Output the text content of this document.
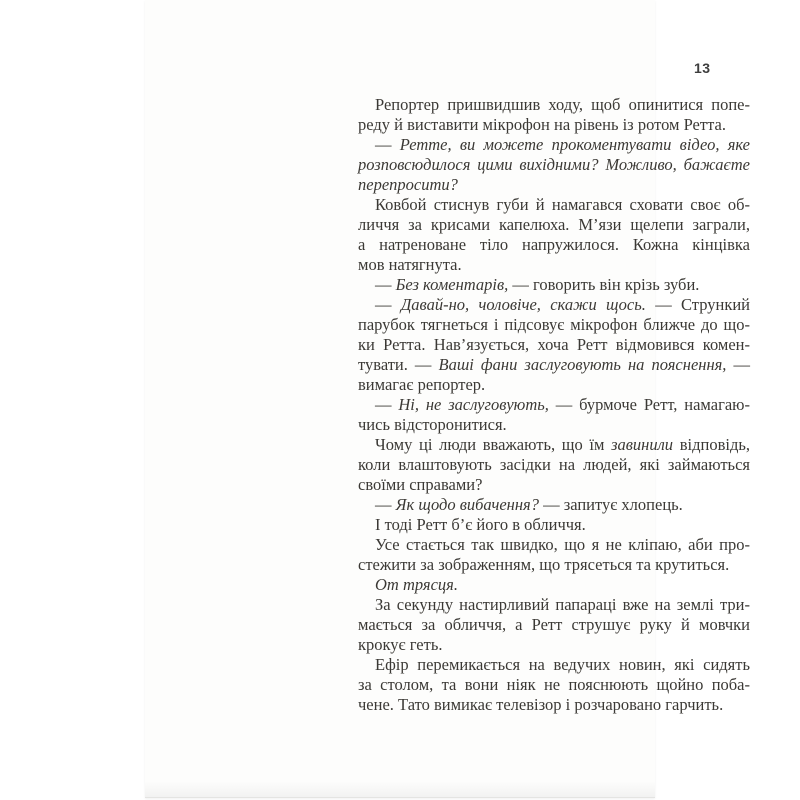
13
Репортер пришвидшив ходу, щоб опинитися попе-
реду й виставити мікрофон на рівень із ротом Ретта.
— Ретте, ви можете прокоментувати відео, яке
розповсюдилося цими вихідними? Можливо, бажаєте
перепросити?
Ковбой стиснув губи й намагався сховати своє об-
личчя за крисами капелюха. М’язи щелепи заграли,
а натреноване тіло напружилося. Кожна кінцівка
мов натягнута.
— Без коментарів, — говорить він крізь зуби.
— Давай-но, чоловіче, скажи щось. — Стрункий
парубок тягнеться і підсовує мікрофон ближче до що-
ки Ретта. Нав’язується, хоча Ретт відмовився комен-
тувати. — Ваші фани заслуговують на пояснення, —
вимагає репортер.
— Ні, не заслуговують, — бурмоче Ретт, намагаю-
чись відсторонитися.
Чому ці люди вважають, що їм завинили відповідь,
коли влаштовують засідки на людей, які займаються
своїми справами?
— Як щодо вибачення? — запитує хлопець.
І тоді Ретт б’є його в обличчя.
Усе стається так швидко, що я не кліпаю, аби про-
стежити за зображенням, що трясеться та крутиться.
От трясця.
За секунду настирливий папараці вже на землі три-
мається за обличчя, а Ретт струшує руку й мовчки
крокує геть.
Ефір перемикається на ведучих новин, які сидять
за столом, та вони ніяк не пояснюють щойно поба-
чене. Тато вимикає телевізор і розчаровано гарчить.
